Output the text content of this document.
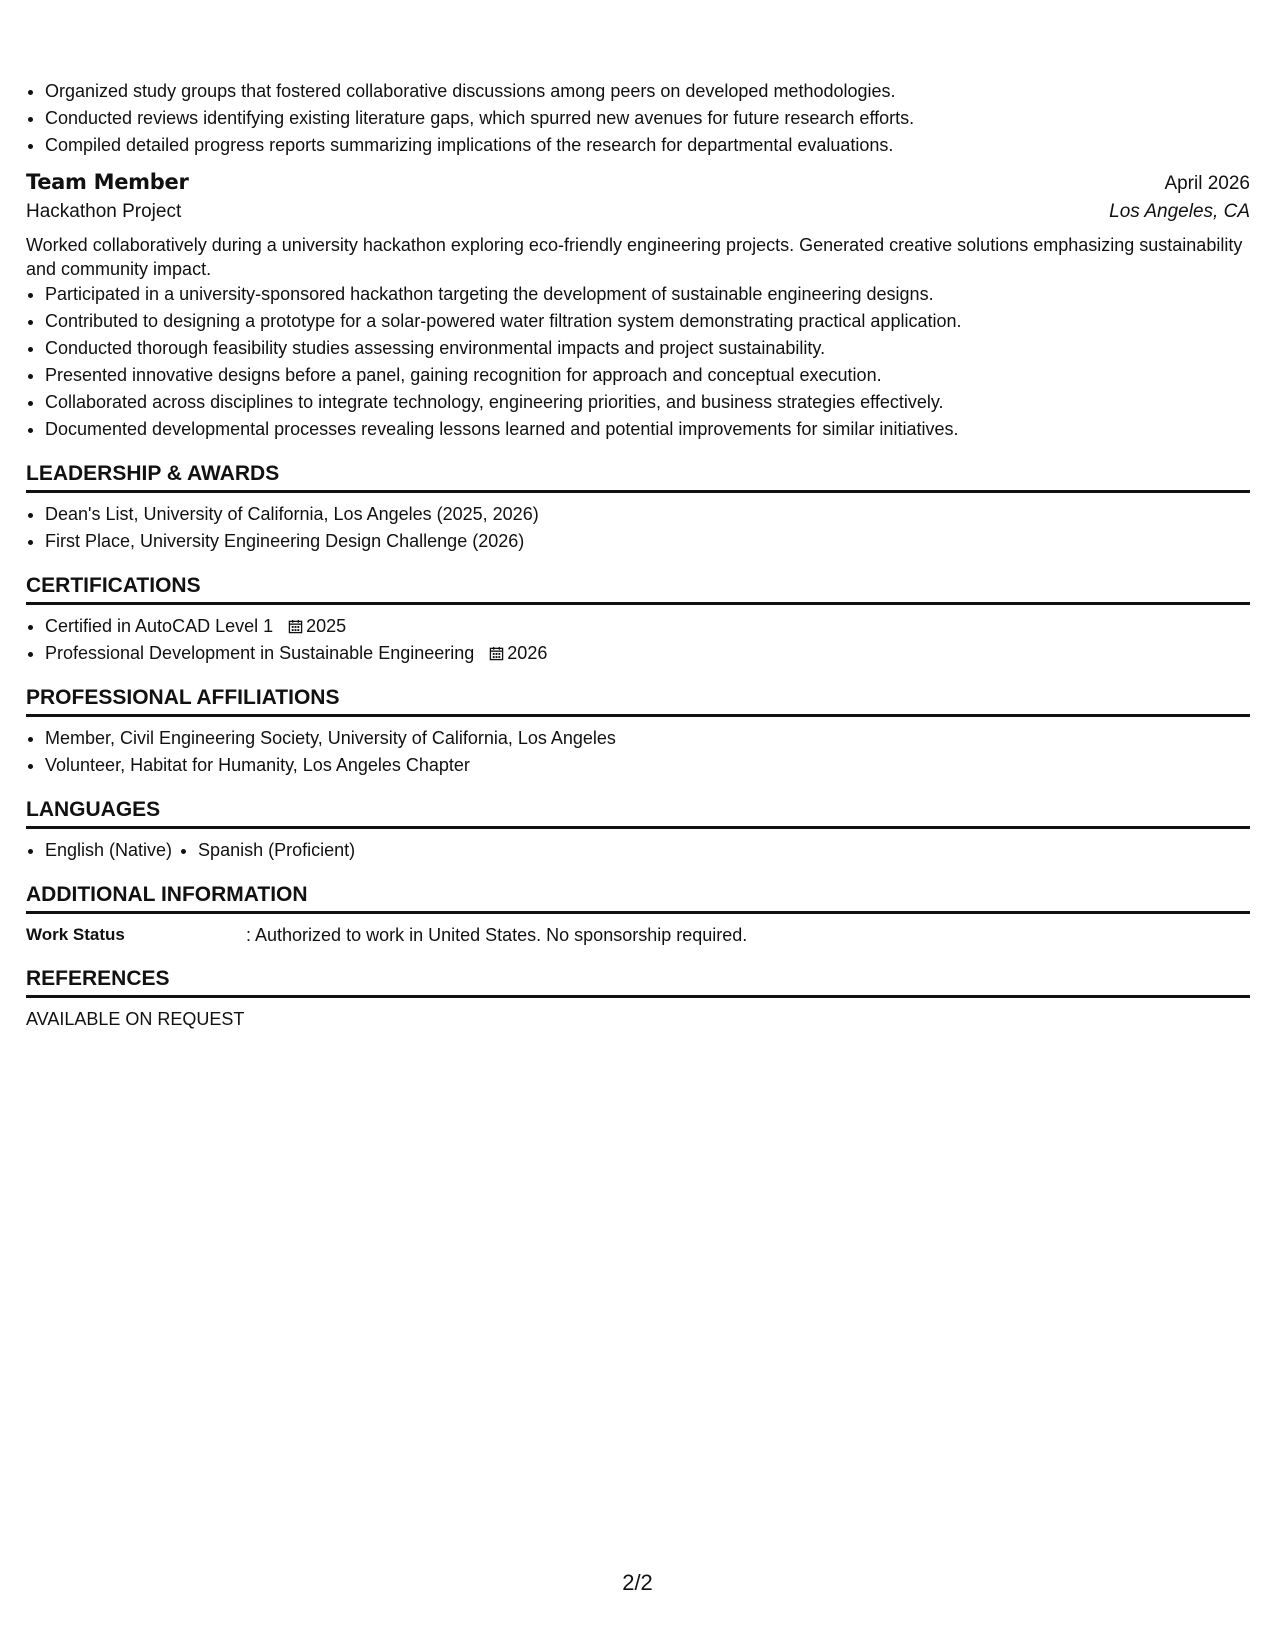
• Organized study groups that fostered collaborative discussions among peers on developed methodologies.
• Conducted reviews identifying existing literature gaps, which spurred new avenues for future research efforts.
• Compiled detailed progress reports summarizing implications of the research for departmental evaluations.
Team Member	April 2026
Hackathon Project	Los Angeles, CA
Worked collaboratively during a university hackathon exploring eco-friendly engineering projects. Generated creative solutions emphasizing sustainability and community impact.
• Participated in a university-sponsored hackathon targeting the development of sustainable engineering designs.
• Contributed to designing a prototype for a solar-powered water filtration system demonstrating practical application.
• Conducted thorough feasibility studies assessing environmental impacts and project sustainability.
• Presented innovative designs before a panel, gaining recognition for approach and conceptual execution.
• Collaborated across disciplines to integrate technology, engineering priorities, and business strategies effectively.
• Documented developmental processes revealing lessons learned and potential improvements for similar initiatives.
LEADERSHIP & AWARDS
• Dean's List, University of California, Los Angeles (2025, 2026)
• First Place, University Engineering Design Challenge (2026)
CERTIFICATIONS
• Certified in AutoCAD Level 1 2025
• Professional Development in Sustainable Engineering 2026
PROFESSIONAL AFFILIATIONS
• Member, Civil Engineering Society, University of California, Los Angeles
• Volunteer, Habitat for Humanity, Los Angeles Chapter
LANGUAGES
• English (Native)
• Spanish (Proficient)
ADDITIONAL INFORMATION
Work Status	: Authorized to work in United States. No sponsorship required.
REFERENCES
AVAILABLE ON REQUEST
2/2
